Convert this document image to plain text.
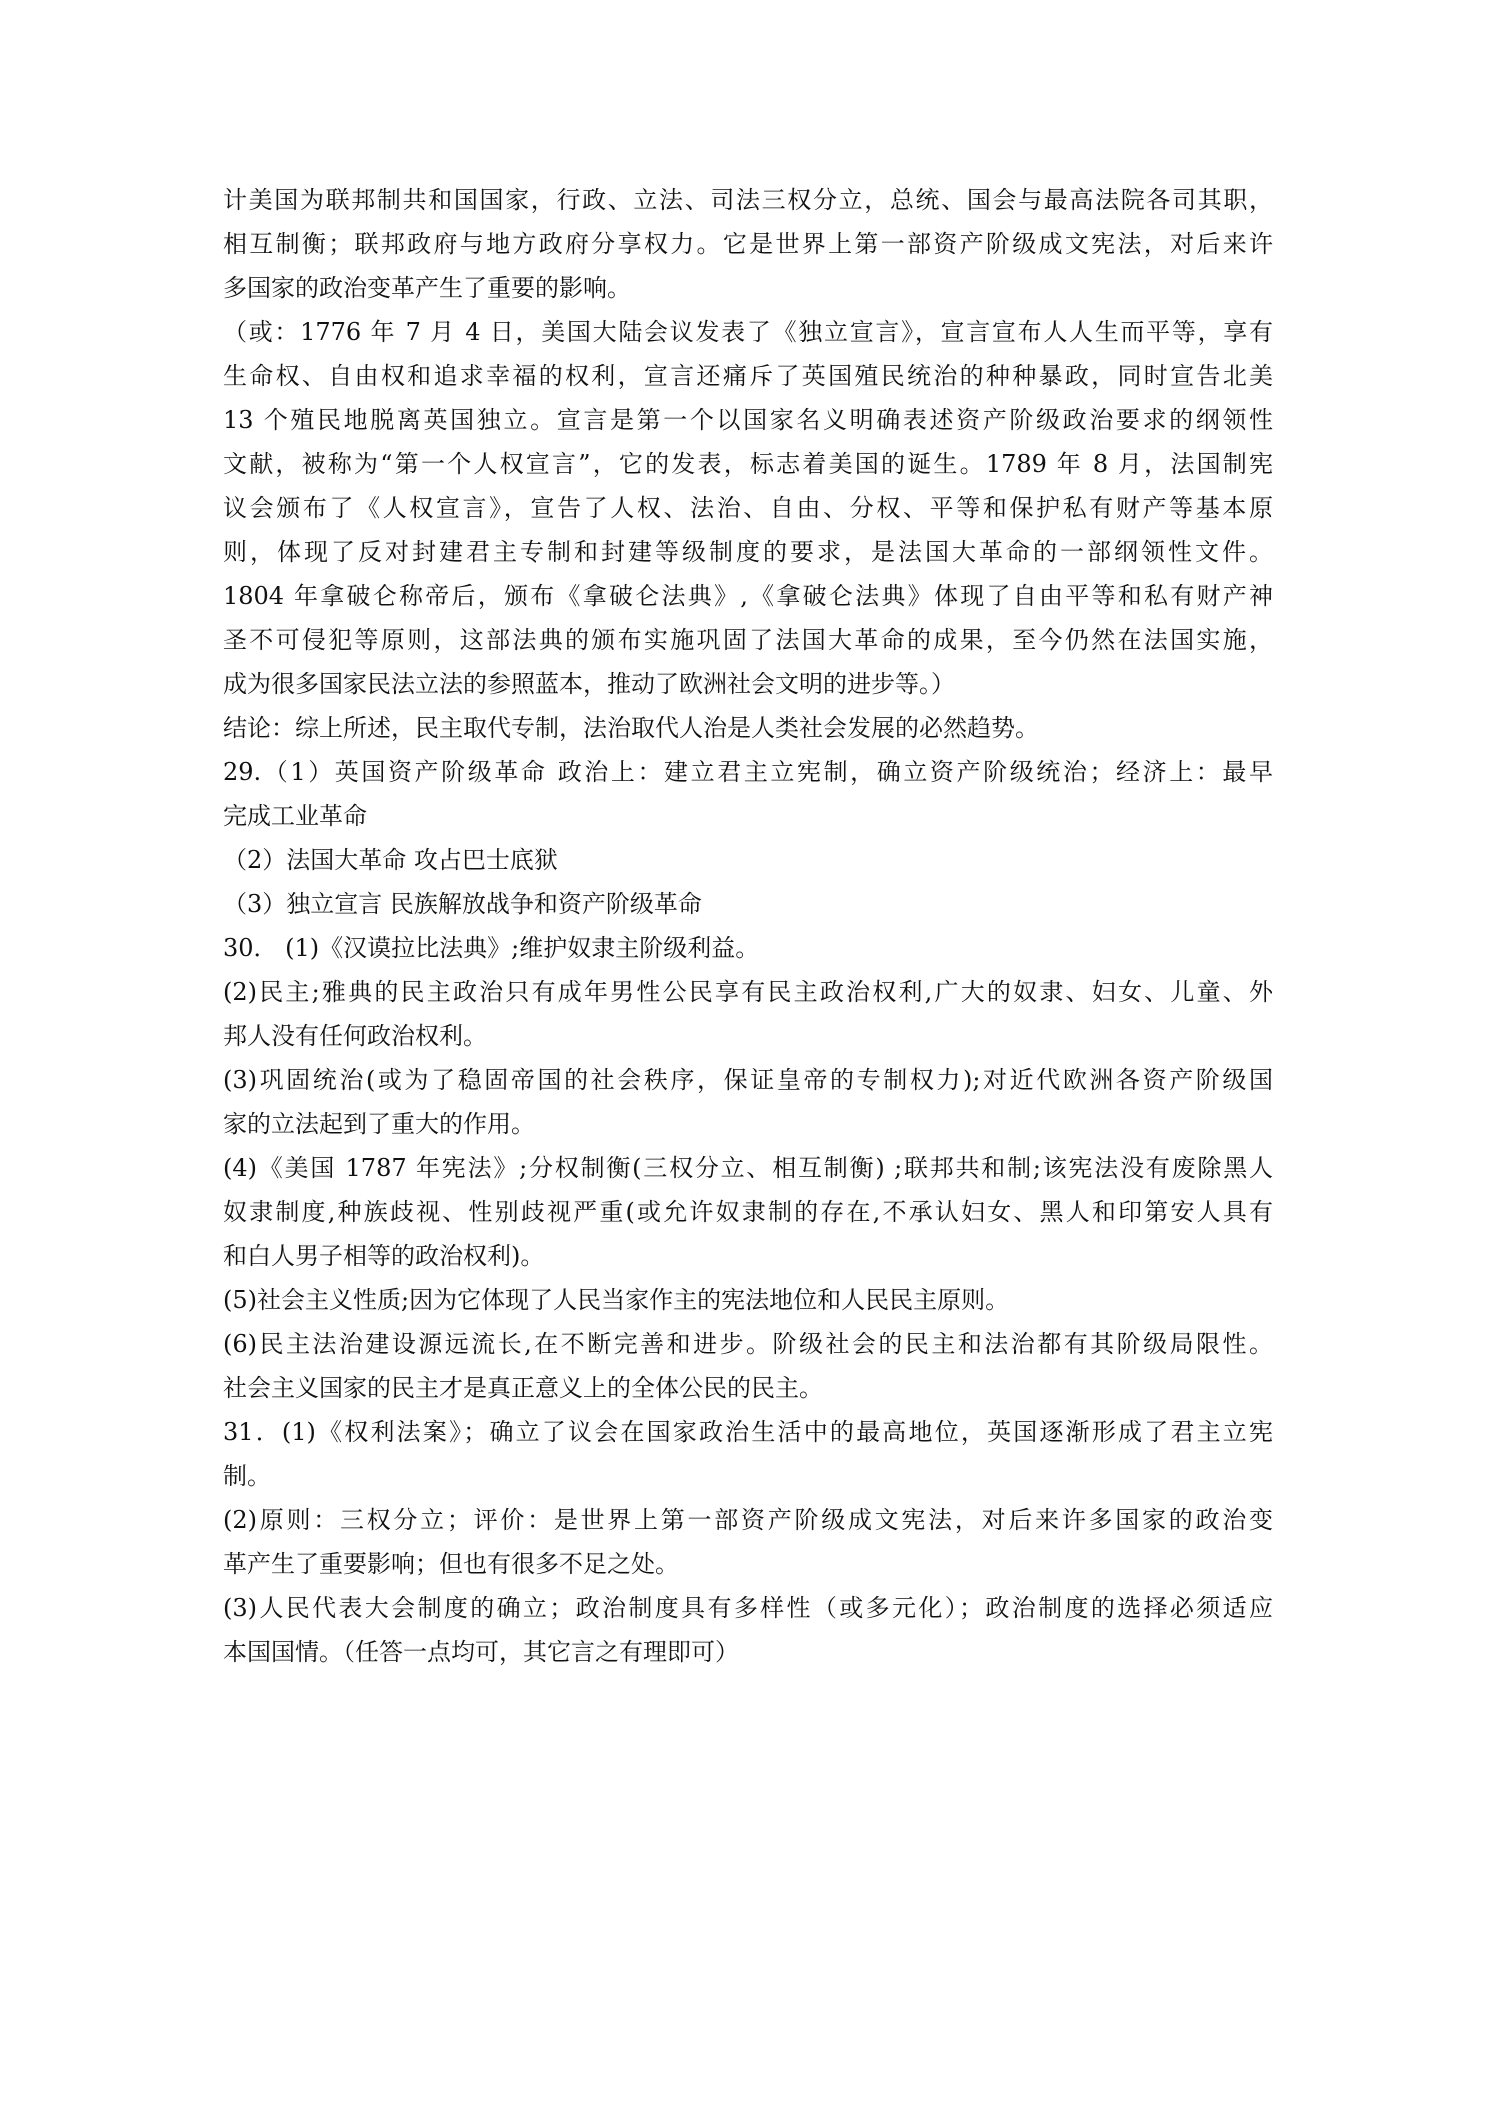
计美国为联邦制共和国国家，行政、立法、司法三权分立，总统、国会与最高法院各司其职，
相互制衡；联邦政府与地方政府分享权力。它是世界上第一部资产阶级成文宪法，对后来许
多国家的政治变革产生了重要的影响。
（或：1776 年 7 月 4 日，美国大陆会议发表了《独立宣言》，宣言宣布人人生而平等，享有
生命权、自由权和追求幸福的权利，宣言还痛斥了英国殖民统治的种种暴政，同时宣告北美
13 个殖民地脱离英国独立。宣言是第一个以国家名义明确表述资产阶级政治要求的纲领性
文献，被称为“第一个人权宣言”，它的发表，标志着美国的诞生。1789 年 8 月，法国制宪
议会颁布了《人权宣言》，宣告了人权、法治、自由、分权、平等和保护私有财产等基本原
则，体现了反对封建君主专制和封建等级制度的要求，是法国大革命的一部纲领性文件。
1804 年拿破仑称帝后，颁布《拿破仑法典》,《拿破仑法典》体现了自由平等和私有财产神
圣不可侵犯等原则，这部法典的颁布实施巩固了法国大革命的成果，至今仍然在法国实施，
成为很多国家民法立法的参照蓝本，推动了欧洲社会文明的进步等。）
结论：综上所述，民主取代专制，法治取代人治是人类社会发展的必然趋势。
29.（1）英国资产阶级革命 政治上：建立君主立宪制，确立资产阶级统治；经济上：最早
完成工业革命
（2）法国大革命 攻占巴士底狱
（3）独立宣言 民族解放战争和资产阶级革命
30． (1)《汉谟拉比法典》;维护奴隶主阶级利益。
(2)民主;雅典的民主政治只有成年男性公民享有民主政治权利,广大的奴隶、妇女、儿童、外
邦人没有任何政治权利。
(3)巩固统治(或为了稳固帝国的社会秩序，保证皇帝的专制权力);对近代欧洲各资产阶级国
家的立法起到了重大的作用。
(4)《美国 1787 年宪法》;分权制衡(三权分立、相互制衡) ;联邦共和制;该宪法没有废除黑人
奴隶制度,种族歧视、性别歧视严重(或允许奴隶制的存在,不承认妇女、黑人和印第安人具有
和白人男子相等的政治权利)。
(5)社会主义性质;因为它体现了人民当家作主的宪法地位和人民民主原则。
(6)民主法治建设源远流长,在不断完善和进步。阶级社会的民主和法治都有其阶级局限性。
社会主义国家的民主才是真正意义上的全体公民的民主。
31．(1)《权利法案》；确立了议会在国家政治生活中的最高地位，英国逐渐形成了君主立宪
制。
(2)原则：三权分立；评价：是世界上第一部资产阶级成文宪法，对后来许多国家的政治变
革产生了重要影响；但也有很多不足之处。
(3)人民代表大会制度的确立；政治制度具有多样性（或多元化）；政治制度的选择必须适应
本国国情。（任答一点均可，其它言之有理即可）
